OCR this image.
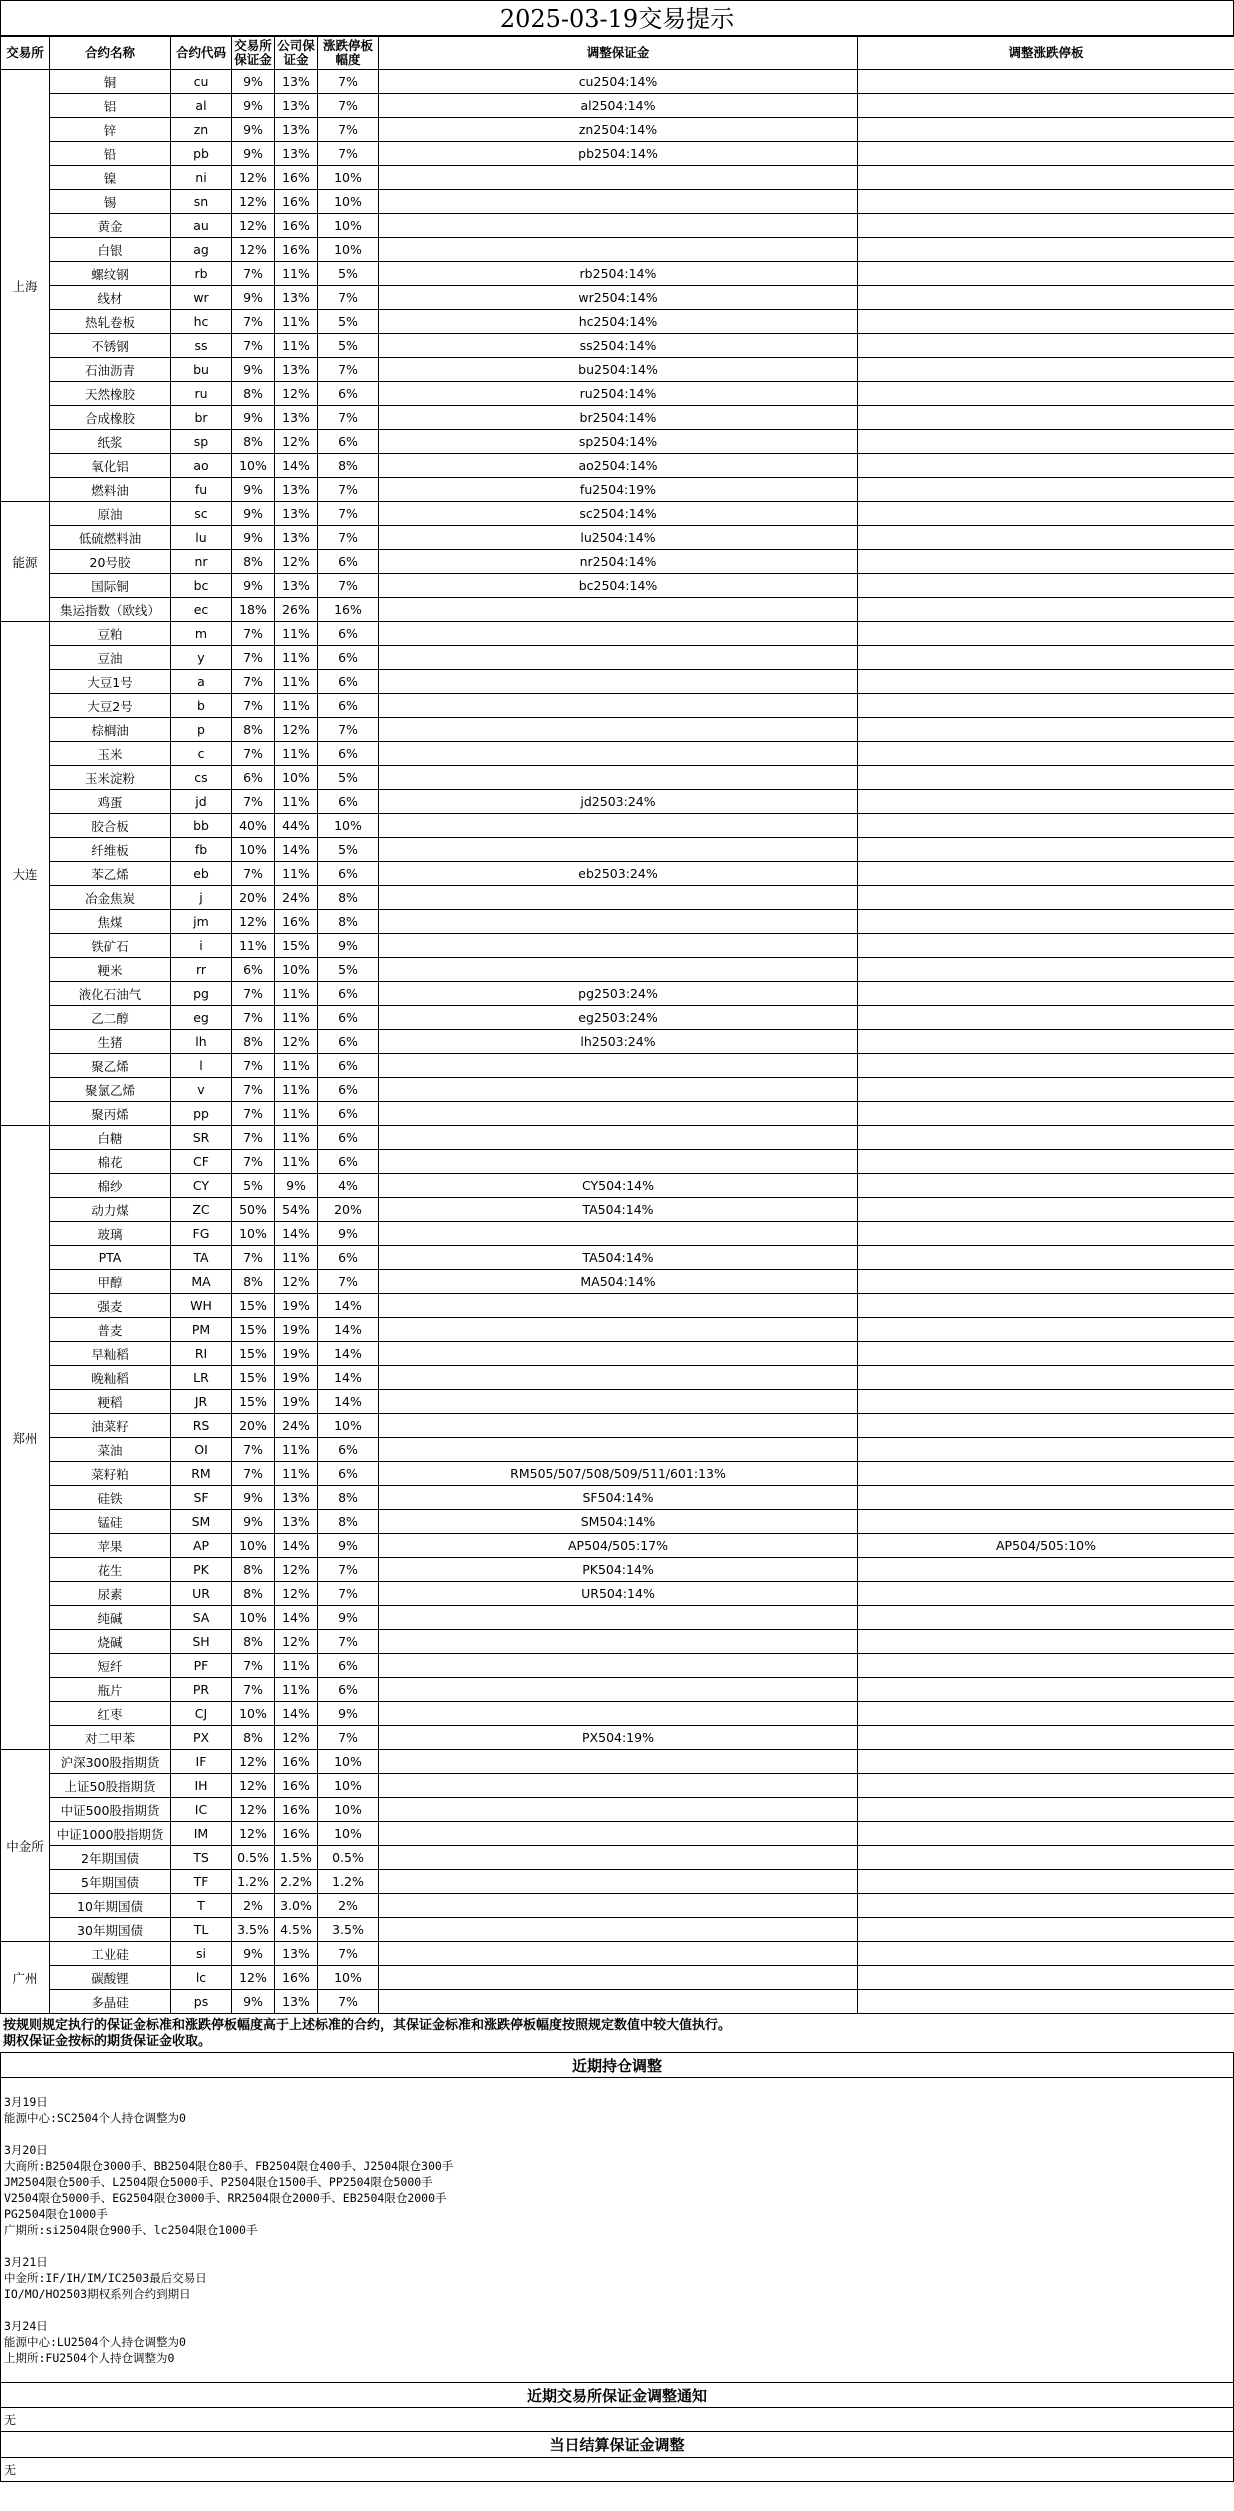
2025-03-19交易提示
交易所	合约名称	合约代码	交易所保证金	公司保证金	涨跌停板幅度	调整保证金	调整涨跌停板
上海	铜	cu	9%	13%	7%	cu2504:14%	
	铝	al	9%	13%	7%	al2504:14%	
	锌	zn	9%	13%	7%	zn2504:14%	
	铅	pb	9%	13%	7%	pb2504:14%	
	镍	ni	12%	16%	10%		
	锡	sn	12%	16%	10%		
	黄金	au	12%	16%	10%		
	白银	ag	12%	16%	10%		
	螺纹钢	rb	7%	11%	5%	rb2504:14%	
	线材	wr	9%	13%	7%	wr2504:14%	
	热轧卷板	hc	7%	11%	5%	hc2504:14%	
	不锈钢	ss	7%	11%	5%	ss2504:14%	
	石油沥青	bu	9%	13%	7%	bu2504:14%	
	天然橡胶	ru	8%	12%	6%	ru2504:14%	
	合成橡胶	br	9%	13%	7%	br2504:14%	
	纸浆	sp	8%	12%	6%	sp2504:14%	
	氧化铝	ao	10%	14%	8%	ao2504:14%	
	燃料油	fu	9%	13%	7%	fu2504:19%	
能源	原油	sc	9%	13%	7%	sc2504:14%	
	低硫燃料油	lu	9%	13%	7%	lu2504:14%	
	20号胶	nr	8%	12%	6%	nr2504:14%	
	国际铜	bc	9%	13%	7%	bc2504:14%	
	集运指数（欧线）	ec	18%	26%	16%		
大连	豆粕	m	7%	11%	6%		
	豆油	y	7%	11%	6%		
	大豆1号	a	7%	11%	6%		
	大豆2号	b	7%	11%	6%		
	棕榈油	p	8%	12%	7%		
	玉米	c	7%	11%	6%		
	玉米淀粉	cs	6%	10%	5%		
	鸡蛋	jd	7%	11%	6%	jd2503:24%	
	胶合板	bb	40%	44%	10%		
	纤维板	fb	10%	14%	5%		
	苯乙烯	eb	7%	11%	6%	eb2503:24%	
	冶金焦炭	j	20%	24%	8%		
	焦煤	jm	12%	16%	8%		
	铁矿石	i	11%	15%	9%		
	粳米	rr	6%	10%	5%		
	液化石油气	pg	7%	11%	6%	pg2503:24%	
	乙二醇	eg	7%	11%	6%	eg2503:24%	
	生猪	lh	8%	12%	6%	lh2503:24%	
	聚乙烯	l	7%	11%	6%		
	聚氯乙烯	v	7%	11%	6%		
	聚丙烯	pp	7%	11%	6%		
郑州	白糖	SR	7%	11%	6%		
	棉花	CF	7%	11%	6%		
	棉纱	CY	5%	9%	4%	CY504:14%	
	动力煤	ZC	50%	54%	20%	TA504:14%	
	玻璃	FG	10%	14%	9%		
	PTA	TA	7%	11%	6%	TA504:14%	
	甲醇	MA	8%	12%	7%	MA504:14%	
	强麦	WH	15%	19%	14%		
	普麦	PM	15%	19%	14%		
	早籼稻	RI	15%	19%	14%		
	晚籼稻	LR	15%	19%	14%		
	粳稻	JR	15%	19%	14%		
	油菜籽	RS	20%	24%	10%		
	菜油	OI	7%	11%	6%		
	菜籽粕	RM	7%	11%	6%	RM505/507/508/509/511/601:13%	
	硅铁	SF	9%	13%	8%	SF504:14%	
	锰硅	SM	9%	13%	8%	SM504:14%	
	苹果	AP	10%	14%	9%	AP504/505:17%	AP504/505:10%
	花生	PK	8%	12%	7%	PK504:14%	
	尿素	UR	8%	12%	7%	UR504:14%	
	纯碱	SA	10%	14%	9%		
	烧碱	SH	8%	12%	7%		
	短纤	PF	7%	11%	6%		
	瓶片	PR	7%	11%	6%		
	红枣	CJ	10%	14%	9%		
	对二甲苯	PX	8%	12%	7%	PX504:19%	
中金所	沪深300股指期货	IF	12%	16%	10%		
	上证50股指期货	IH	12%	16%	10%		
	中证500股指期货	IC	12%	16%	10%		
	中证1000股指期货	IM	12%	16%	10%		
	2年期国债	TS	0.5%	1.5%	0.5%		
	5年期国债	TF	1.2%	2.2%	1.2%		
	10年期国债	T	2%	3.0%	2%		
	30年期国债	TL	3.5%	4.5%	3.5%		
广州	工业硅	si	9%	13%	7%		
	碳酸锂	lc	12%	16%	10%		
	多晶硅	ps	9%	13%	7%		
按规则规定执行的保证金标准和涨跌停板幅度高于上述标准的合约，其保证金标准和涨跌停板幅度按照规定数值中较大值执行。
期权保证金按标的期货保证金收取。
近期持仓调整
3月19日
能源中心:SC2504个人持仓调整为0
3月20日
大商所:B2504限仓3000手、BB2504限仓80手、FB2504限仓400手、J2504限仓300手
JM2504限仓500手、L2504限仓5000手、P2504限仓1500手、PP2504限仓5000手
V2504限仓5000手、EG2504限仓3000手、RR2504限仓2000手、EB2504限仓2000手
PG2504限仓1000手
广期所:si2504限仓900手、lc2504限仓1000手
3月21日
中金所:IF/IH/IM/IC2503最后交易日
IO/MO/HO2503期权系列合约到期日
3月24日
能源中心:LU2504个人持仓调整为0
上期所:FU2504个人持仓调整为0
近期交易所保证金调整通知
无
当日结算保证金调整
无
